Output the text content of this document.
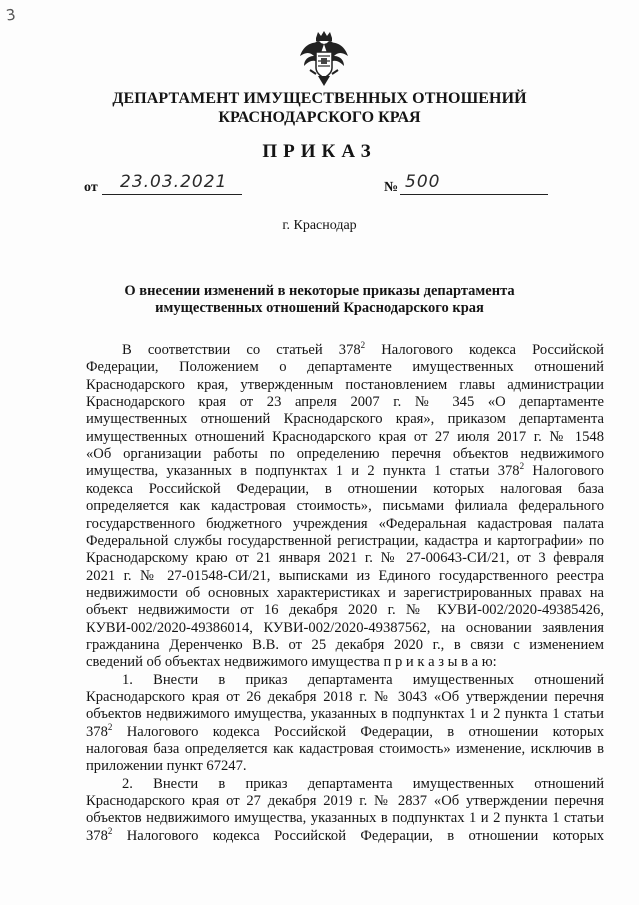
3
ДЕПАРТАМЕНТ ИМУЩЕСТВЕННЫХ ОТНОШЕНИЙ
КРАСНОДАРСКОГО КРАЯ
ПРИКАЗ
от 23.03.2021	№ 500
г. Краснодар
О внесении изменений в некоторые приказы департамента
имущественных отношений Краснодарского края
В соответствии со статьей $378^2$ Налогового кодекса Российской
Федерации, Положением о департаменте имущественных отношений
Краснодарского края, утвержденным постановлением главы администрации
Краснодарского края от 23 апреля 2007 г. № 345 «О департаменте
имущественных отношений Краснодарского края», приказом департамента
имущественных отношений Краснодарского края от 27 июля 2017 г. № 1548
«Об организации работы по определению перечня объектов недвижимого
имущества, указанных в подпунктах 1 и 2 пункта 1 статьи $378^2$ Налогового
кодекса Российской Федерации, в отношении которых налоговая база
определяется как кадастровая стоимость», письмами филиала федерального
государственного бюджетного учреждения «Федеральная кадастровая палата
Федеральной службы государственной регистрации, кадастра и картографии» по
Краснодарскому краю от 21 января 2021 г. № 27-00643-СИ/21, от 3 февраля
2021 г. № 27-01548-СИ/21, выписками из Единого государственного реестра
недвижимости об основных характеристиках и зарегистрированных правах на
объект недвижимости от 16 декабря 2020 г. № КУВИ-002/2020-49385426,
КУВИ-002/2020-49386014, КУВИ-002/2020-49387562, на основании заявления
гражданина Деренченко В.В. от 25 декабря 2020 г., в связи с изменением
сведений об объектах недвижимого имущества п р и к а з ы в а ю:
1. Внести в приказ департамента имущественных отношений
Краснодарского края от 26 декабря 2018 г. № 3043 «Об утверждении перечня
объектов недвижимого имущества, указанных в подпунктах 1 и 2 пункта 1 статьи
$378^2$ Налогового кодекса Российской Федерации, в отношении которых
налоговая база определяется как кадастровая стоимость» изменение, исключив в
приложении пункт 67247.
2. Внести в приказ департамента имущественных отношений
Краснодарского края от 27 декабря 2019 г. № 2837 «Об утверждении перечня
объектов недвижимого имущества, указанных в подпунктах 1 и 2 пункта 1 статьи
$378^2$ Налогового кодекса Российской Федерации, в отношении которых
